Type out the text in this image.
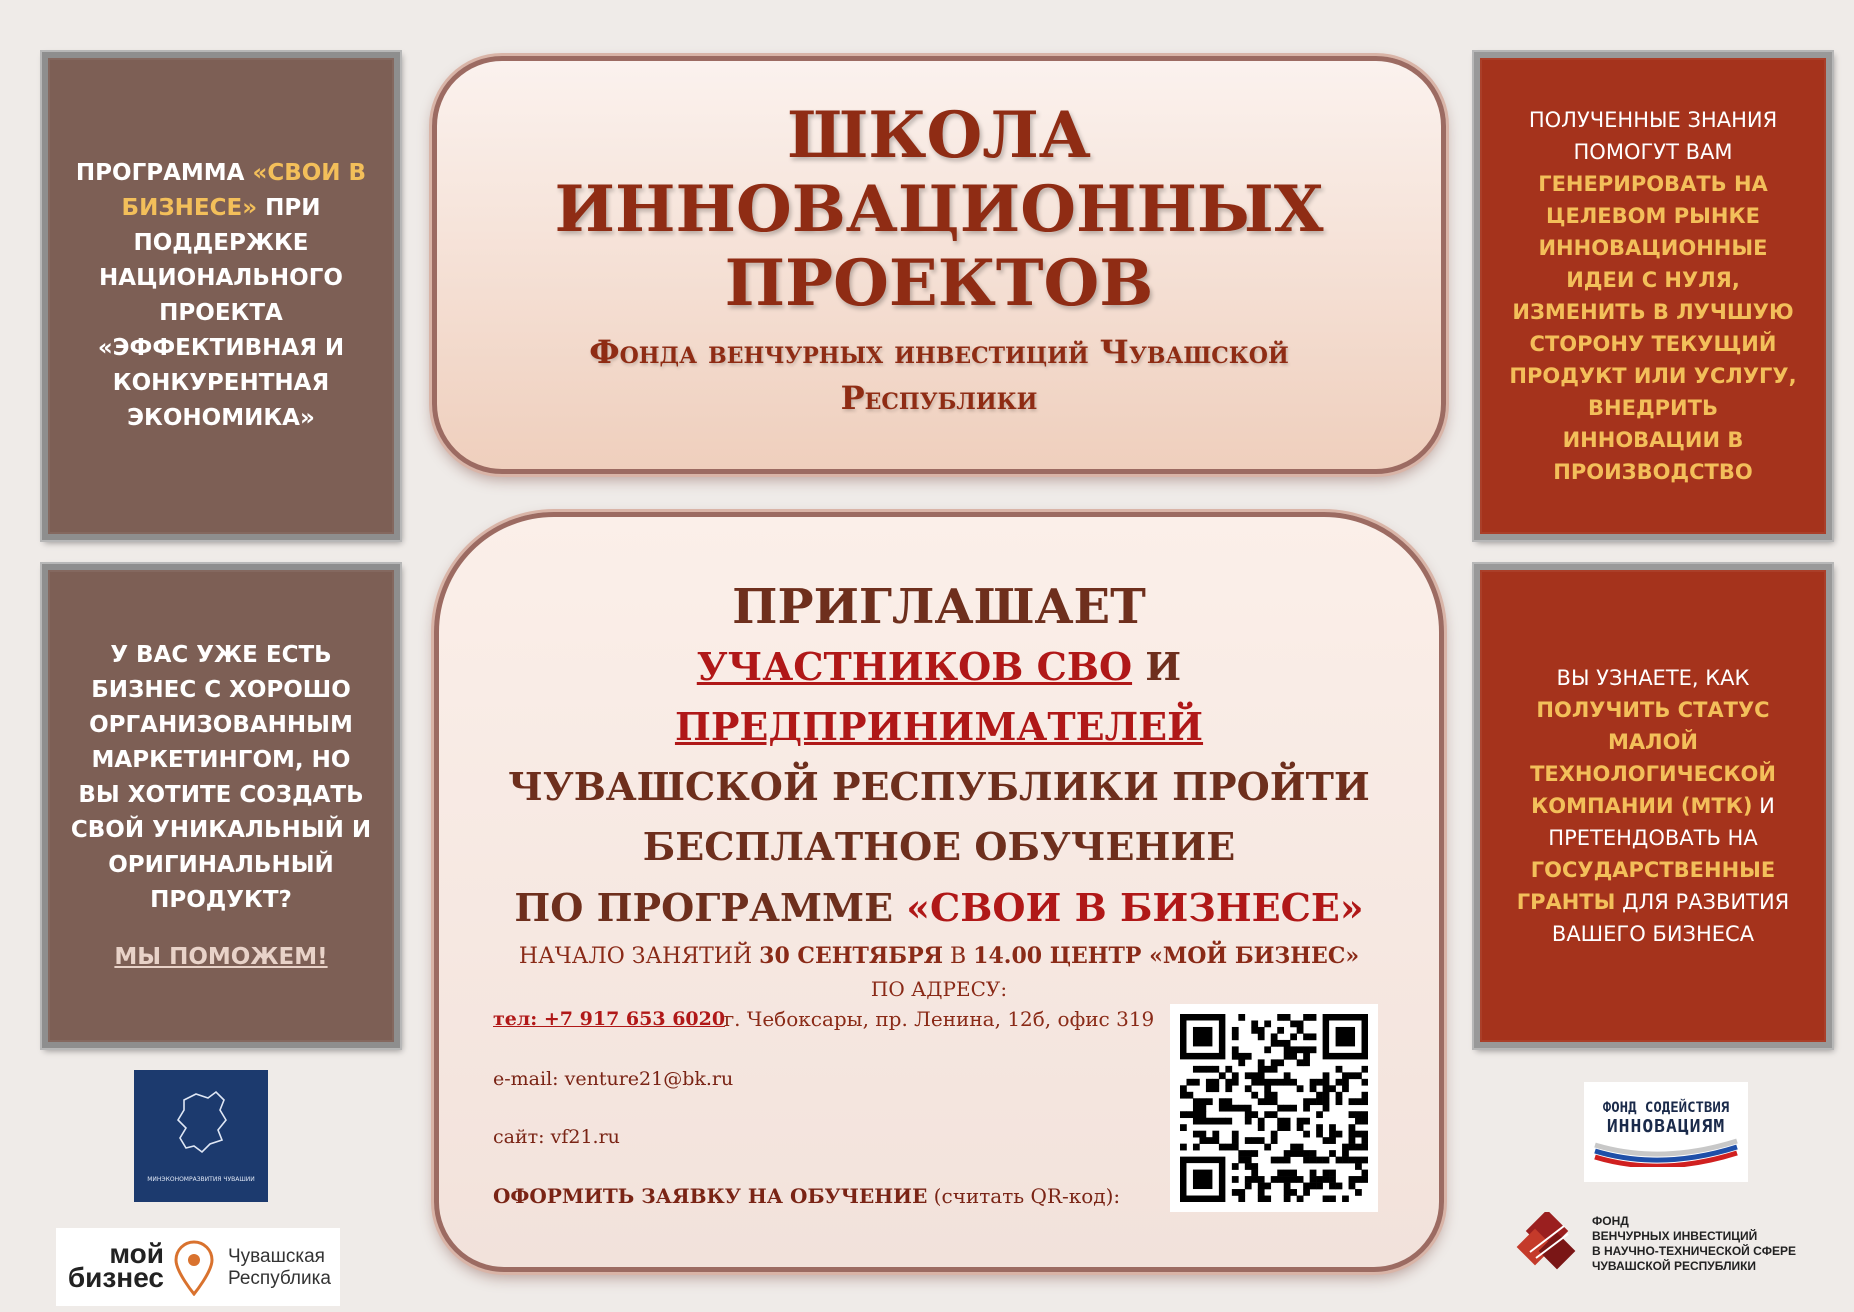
ПРОГРАММА «СВОИ В БИЗНЕСЕ» ПРИ ПОДДЕРЖКЕ НАЦИОНАЛЬНОГО ПРОЕКТА «ЭФФЕКТИВНАЯ И КОНКУРЕНТНАЯ ЭКОНОМИКА»

У ВАС УЖЕ ЕСТЬ БИЗНЕС С ХОРОШО ОРГАНИЗОВАННЫМ МАРКЕТИНГОМ, НО ВЫ ХОТИТЕ СОЗДАТЬ СВОЙ УНИКАЛЬНЫЙ И ОРИГИНАЛЬНЫЙ ПРОДУКТ?

МЫ ПОМОЖЕМ!

ПОЛУЧЕННЫЕ ЗНАНИЯ ПОМОГУТ ВАМ ГЕНЕРИРОВАТЬ НА ЦЕЛЕВОМ РЫНКЕ ИННОВАЦИОННЫЕ ИДЕИ С НУЛЯ, ИЗМЕНИТЬ В ЛУЧШУЮ СТОРОНУ ТЕКУЩИЙ ПРОДУКТ ИЛИ УСЛУГУ, ВНЕДРИТЬ ИННОВАЦИИ В ПРОИЗВОДСТВО

ВЫ УЗНАЕТЕ, КАК ПОЛУЧИТЬ СТАТУС МАЛОЙ ТЕХНОЛОГИЧЕСКОЙ КОМПАНИИ (МТК) И ПРЕТЕНДОВАТЬ НА ГОСУДАРСТВЕННЫЕ ГРАНТЫ ДЛЯ РАЗВИТИЯ ВАШЕГО БИЗНЕСА

ШКОЛА
ИННОВАЦИОННЫХ
ПРОЕКТОВ
Фонда венчурных инвестиций Чувашской
Республики
ПРИГЛАШАЕТ
УЧАСТНИКОВ СВО И ПРЕДПРИНИМАТЕЛЕЙ
ЧУВАШСКОЙ РЕСПУБЛИКИ ПРОЙТИ
БЕСПЛАТНОЕ ОБУЧЕНИЕ
ПО ПРОГРАММЕ «СВОИ В БИЗНЕСЕ»
НАЧАЛО ЗАНЯТИЙ 30 СЕНТЯБРЯ В 14.00 ЦЕНТР «МОЙ БИЗНЕС»
ПО АДРЕСУ:
г. Чебоксары, пр. Ленина, 12б, офис 319
тел: +7 917 653 6020
e-mail: venture21@bk.ru
сайт: vf21.ru
ОФОРМИТЬ ЗАЯВКУ НА ОБУЧЕНИЕ (считать QR-код):
МИНЭКОНОМРАЗВИТИЯ ЧУВАШИИ
мой
бизнес
Чувашская
Республика
ФОНД СОДЕЙСТВИЯ
ИННОВАЦИЯМ
ФОНД
ВЕНЧУРНЫХ ИНВЕСТИЦИЙ
В НАУЧНО-ТЕХНИЧЕСКОЙ СФЕРЕ
ЧУВАШСКОЙ РЕСПУБЛИКИ
